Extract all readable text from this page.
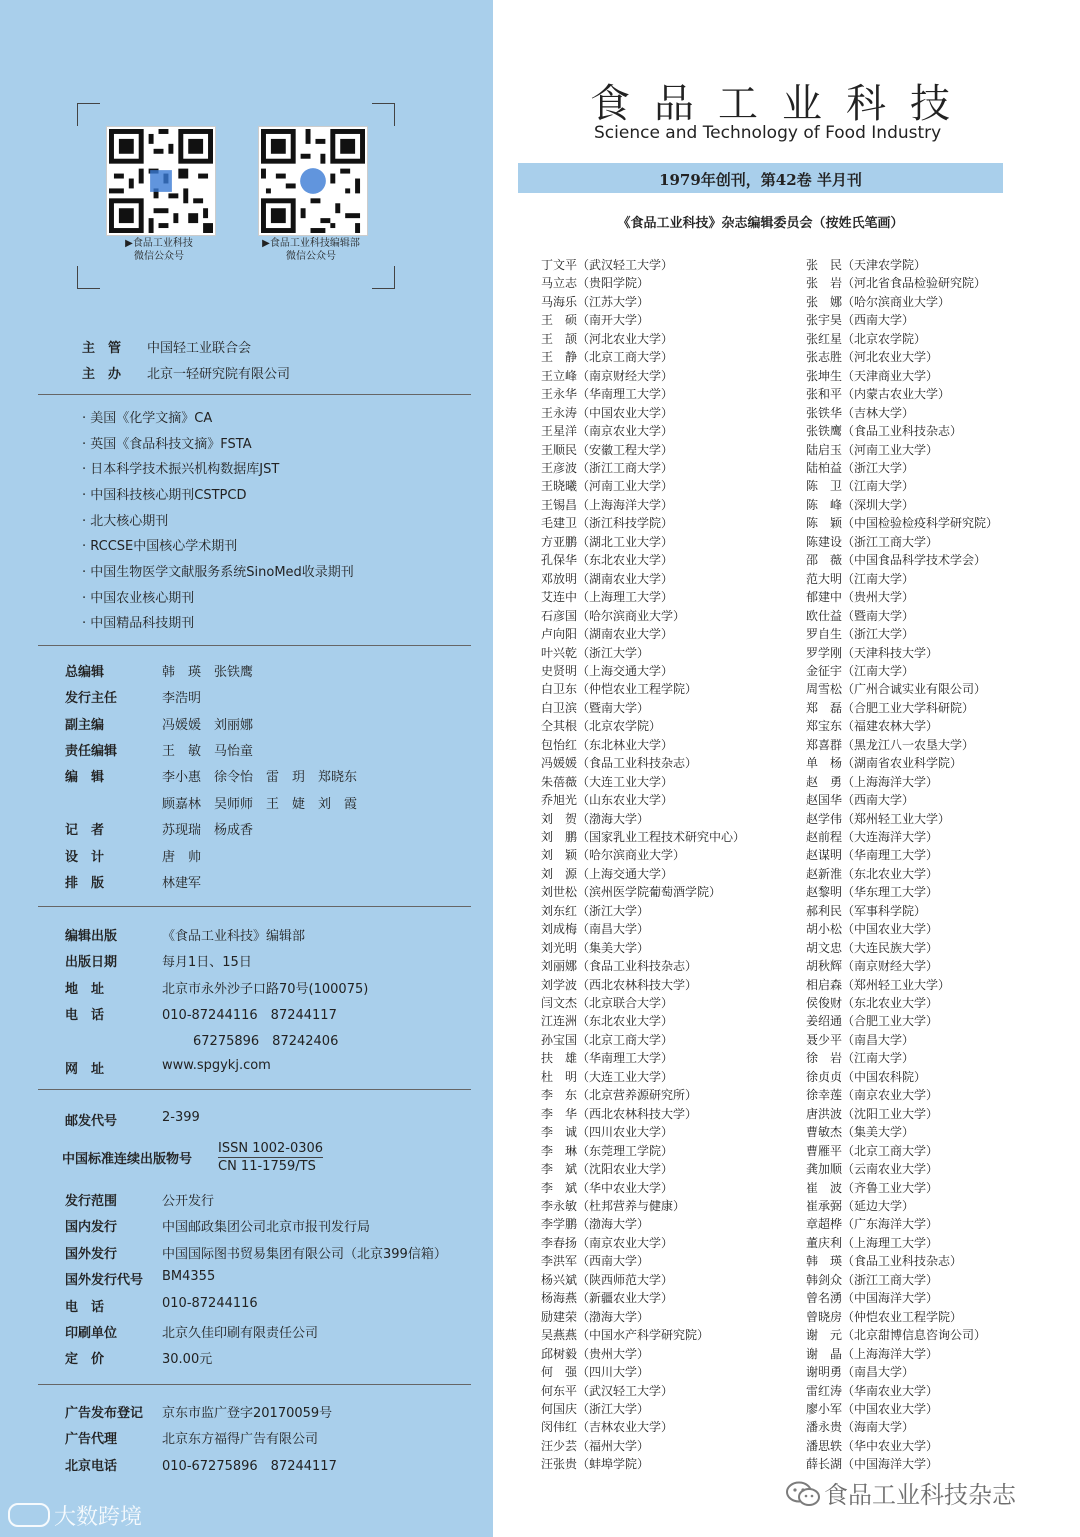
▶食品工业科技
微信公众号
▶食品工业科技编辑部
微信公众号
主　管 中国轻工业联合会
主　办 北京一轻研究院有限公司
· 美国《化学文摘》CA
· 英国《食品科技文摘》FSTA
· 日本科学技术振兴机构数据库JST
· 中国科技核心期刊CSTPCD
· 北大核心期刊
· RCCSE中国核心学术期刊
· 中国生物医学文献服务系统SinoMed收录期刊
· 中国农业核心期刊
· 中国精品科技期刊
总编辑	韩　瑛　张铁鹰
发行主任	李浩明
副主编	冯媛媛　刘丽娜
责任编辑	王　敏　马怡童
编　辑	李小惠　徐令怡　雷　玥　郑晓东
顾嘉林　吴师师　王　婕　刘　霞
记　者	苏现瑞　杨成香
设　计	唐　帅
排　版	林建军
编辑出版	《食品工业科技》编辑部
出版日期	每月1日、15日
地　址	北京市永外沙子口路70号(100075)
电　话	010-87244116　87244117
67275896　87242406
网　址	www.spgykj.com
邮发代号	2-399
中国标准连续出版物号
ISSN 1002-0306
CN 11-1759/TS
发行范围	公开发行
国内发行	中国邮政集团公司北京市报刊发行局
国外发行	中国国际图书贸易集团有限公司（北京399信箱）
国外发行代号 BM4355
电　话	010-87244116
印刷单位	北京久佳印刷有限责任公司
定　价	30.00元
广告发布登记 京东市监广登字20170059号
广告代理	北京东方福得广告有限公司
北京电话	010-67275896　87244117
大数跨境
食品工业科技
Science and Technology of Food Industry
1979年创刊，第42卷 半月刊
《食品工业科技》杂志编辑委员会（按姓氏笔画）
丁文平（武汉轻工大学）
马立志（贵阳学院）
马海乐（江苏大学）
王　硕（南开大学）
王　颉（河北农业大学）
王　静（北京工商大学）
王立峰（南京财经大学）
王永华（华南理工大学）
王永涛（中国农业大学）
王星洋（南京农业大学）
王顺民（安徽工程大学）
王彦波（浙江工商大学）
王晓曦（河南工业大学）
王锡昌（上海海洋大学）
毛建卫（浙江科技学院）
方亚鹏（湖北工业大学）
孔保华（东北农业大学）
邓放明（湖南农业大学）
艾连中（上海理工大学）
石彦国（哈尔滨商业大学）
卢向阳（湖南农业大学）
叶兴乾（浙江大学）
史贤明（上海交通大学）
白卫东（仲恺农业工程学院）
白卫滨（暨南大学）
仝其根（北京农学院）
包怡红（东北林业大学）
冯媛媛（食品工业科技杂志）
朱蓓薇（大连工业大学）
乔旭光（山东农业大学）
刘　贺（渤海大学）
刘　鹏（国家乳业工程技术研究中心）
刘　颖（哈尔滨商业大学）
刘　源（上海交通大学）
刘世松（滨州医学院葡萄酒学院）
刘东红（浙江大学）
刘成梅（南昌大学）
刘光明（集美大学）
刘丽娜（食品工业科技杂志）
刘学波（西北农林科技大学）
闫文杰（北京联合大学）
江连洲（东北农业大学）
孙宝国（北京工商大学）
扶　雄（华南理工大学）
杜　明（大连工业大学）
李　东（北京营养源研究所）
李　华（西北农林科技大学）
李　诚（四川农业大学）
李　琳（东莞理工学院）
李　斌（沈阳农业大学）
李　斌（华中农业大学）
李永敏（杜邦营养与健康）
李学鹏（渤海大学）
李春扬（南京农业大学）
李洪军（西南大学）
杨兴斌（陕西师范大学）
杨海燕（新疆农业大学）
励建荣（渤海大学）
吴燕燕（中国水产科学研究院）
邱树毅（贵州大学）
何　强（四川大学）
何东平（武汉轻工大学）
何国庆（浙江大学）
闵伟红（吉林农业大学）
汪少芸（福州大学）
汪张贵（蚌埠学院）
张　民（天津农学院）
张　岩（河北省食品检验研究院）
张　娜（哈尔滨商业大学）
张宇昊（西南大学）
张红星（北京农学院）
张志胜（河北农业大学）
张坤生（天津商业大学）
张和平（内蒙古农业大学）
张铁华（吉林大学）
张铁鹰（食品工业科技杂志）
陆启玉（河南工业大学）
陆柏益（浙江大学）
陈　卫（江南大学）
陈　峰（深圳大学）
陈　颖（中国检验检疫科学研究院）
陈建设（浙江工商大学）
邵　薇（中国食品科学技术学会）
范大明（江南大学）
郁建中（贵州大学）
欧仕益（暨南大学）
罗自生（浙江大学）
罗学刚（天津科技大学）
金征宇（江南大学）
周雪松（广州合诚实业有限公司）
郑　磊（合肥工业大学科研院）
郑宝东（福建农林大学）
郑喜群（黑龙江八一农垦大学）
单　杨（湖南省农业科学院）
赵　勇（上海海洋大学）
赵国华（西南大学）
赵学伟（郑州轻工业大学）
赵前程（大连海洋大学）
赵谋明（华南理工大学）
赵新淮（东北农业大学）
赵黎明（华东理工大学）
郝利民（军事科学院）
胡小松（中国农业大学）
胡文忠（大连民族大学）
胡秋辉（南京财经大学）
相启森（郑州轻工业大学）
侯俊财（东北农业大学）
姜绍通（合肥工业大学）
聂少平（南昌大学）
徐　岩（江南大学）
徐贞贞（中国农科院）
徐幸莲（南京农业大学）
唐洪波（沈阳工业大学）
曹敏杰（集美大学）
曹雁平（北京工商大学）
龚加顺（云南农业大学）
崔　波（齐鲁工业大学）
崔承弼（延边大学）
章超桦（广东海洋大学）
董庆利（上海理工大学）
韩　瑛（食品工业科技杂志）
韩剑众（浙江工商大学）
曾名湧（中国海洋大学）
曾晓房（仲恺农业工程学院）
谢　元（北京甜博信息咨询公司）
谢　晶（上海海洋大学）
谢明勇（南昌大学）
雷红涛（华南农业大学）
廖小军（中国农业大学）
潘永贵（海南大学）
潘思轶（华中农业大学）
薛长湖（中国海洋大学）
食品工业科技杂志
